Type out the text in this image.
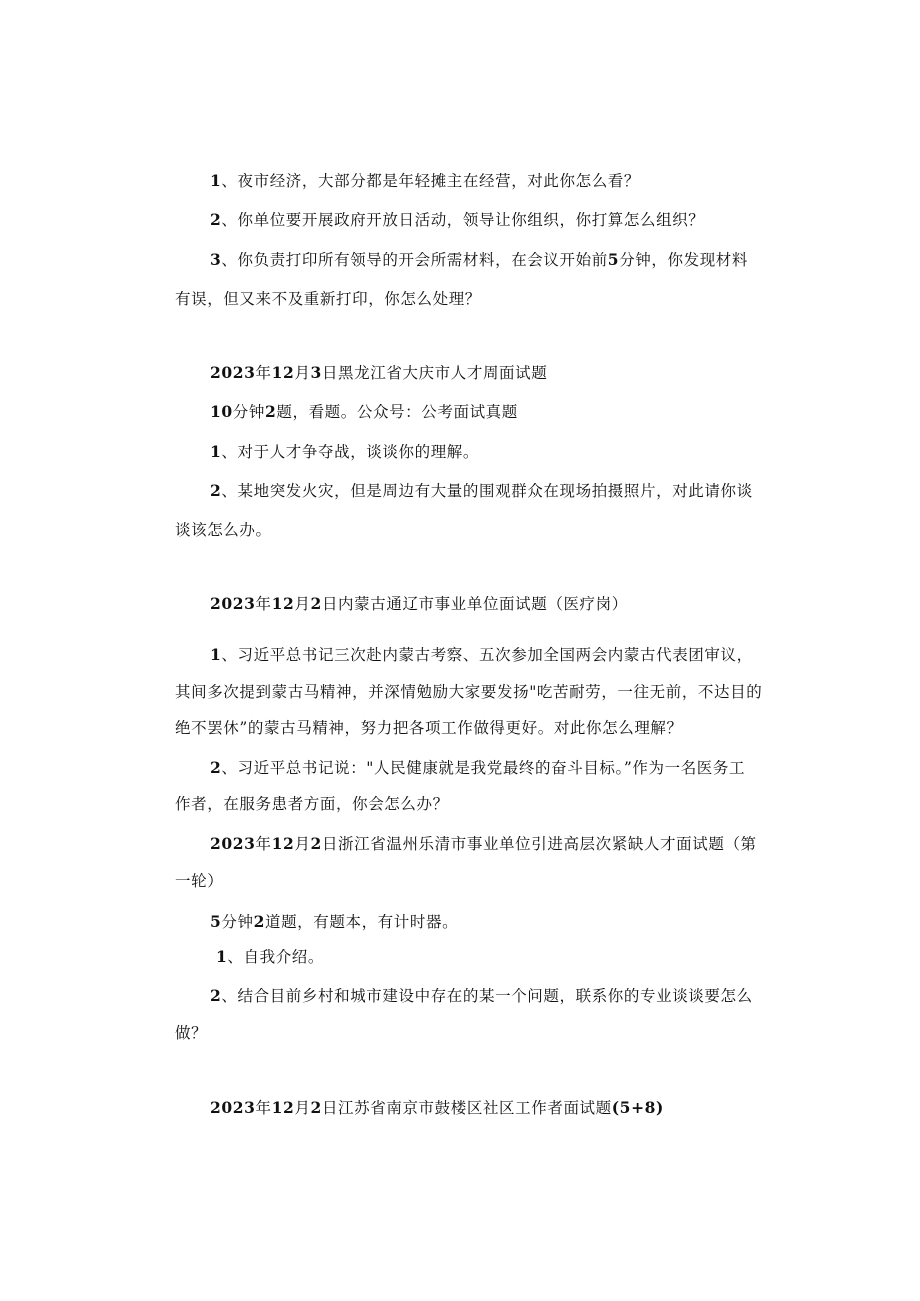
1、夜市经济，大部分都是年轻摊主在经营，对此你怎么看？
2、你单位要开展政府开放日活动，领导让你组织，你打算怎么组织？
3、你负责打印所有领导的开会所需材料，在会议开始前5分钟，你发现材料
有误，但又来不及重新打印，你怎么处理？
2023年12月3日黑龙江省大庆市人才周面试题
10分钟2题，看题。公众号：公考面试真题
1、对于人才争夺战，谈谈你的理解。
2、某地突发火灾，但是周边有大量的围观群众在现场拍摄照片，对此请你谈
谈该怎么办。
2023年12月2日内蒙古通辽市事业单位面试题（医疗岗）
1、习近平总书记三次赴内蒙古考察、五次参加全国两会内蒙古代表团审议，
其间多次提到蒙古马精神，并深情勉励大家要发扬"吃苦耐劳，一往无前，不达目的
绝不罢休”的蒙古马精神，努力把各项工作做得更好。对此你怎么理解？
2、习近平总书记说："人民健康就是我党最终的奋斗目标。”作为一名医务工
作者，在服务患者方面，你会怎么办？
2023年12月2日浙江省温州乐清市事业单位引进高层次紧缺人才面试题（第
一轮）
5分钟2道题，有题本，有计时器。
1、自我介绍。
2、结合目前乡村和城市建设中存在的某一个问题，联系你的专业谈谈要怎么
做？
2023年12月2日江苏省南京市鼓楼区社区工作者面试题(5+8)
